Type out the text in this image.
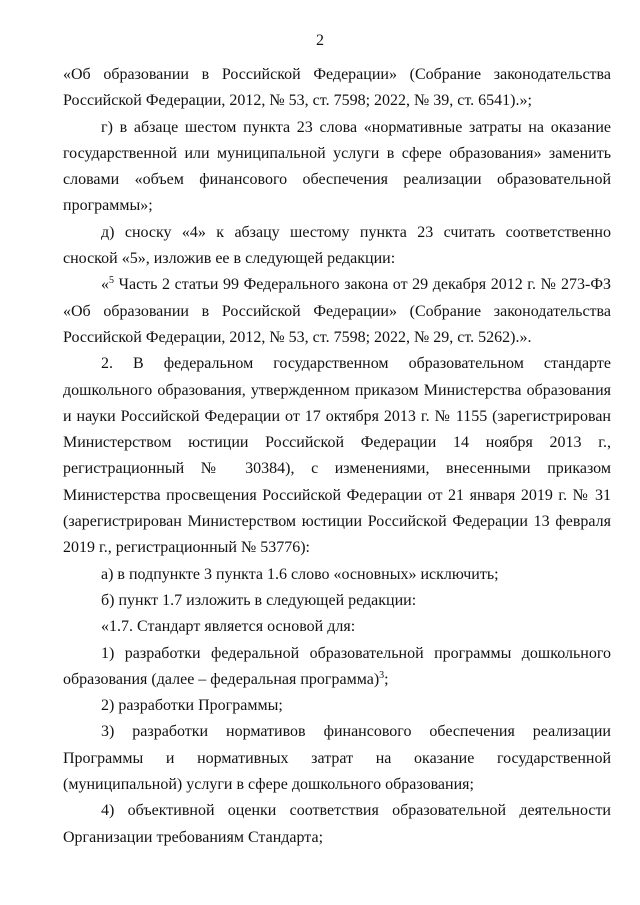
2

«Об образовании в Российской Федерации» (Собрание законодательства Российской Федерации, 2012, № 53, ст. 7598; 2022, № 39, ст. 6541).»;

г) в абзаце шестом пункта 23 слова «нормативные затраты на оказание государственной или муниципальной услуги в сфере образования» заменить словами «объем финансового обеспечения реализации образовательной программы»;

д) сноску «4» к абзацу шестому пункта 23 считать соответственно сноской «5», изложив ее в следующей редакции:

«$^5$ Часть 2 статьи 99 Федерального закона от 29 декабря 2012 г. № 273-ФЗ «Об образовании в Российской Федерации» (Собрание законодательства Российской Федерации, 2012, № 53, ст. 7598; 2022, № 29, ст. 5262).».

2. В федеральном государственном образовательном стандарте дошкольного образования, утвержденном приказом Министерства образования и науки Российской Федерации от 17 октября 2013 г. № 1155 (зарегистрирован Министерством юстиции Российской Федерации 14 ноября 2013 г., регистрационный № 30384), с изменениями, внесенными приказом Министерства просвещения Российской Федерации от 21 января 2019 г. № 31 (зарегистрирован Министерством юстиции Российской Федерации 13 февраля 2019 г., регистрационный № 53776):

а) в подпункте 3 пункта 1.6 слово «основных» исключить;

б) пункт 1.7 изложить в следующей редакции:

«1.7. Стандарт является основой для:

1) разработки федеральной образовательной программы дошкольного образования (далее – федеральная программа)$^3$;

2) разработки Программы;

3) разработки нормативов финансового обеспечения реализации Программы и нормативных затрат на оказание государственной (муниципальной) услуги в сфере дошкольного образования;

4) объективной оценки соответствия образовательной деятельности Организации требованиям Стандарта;
